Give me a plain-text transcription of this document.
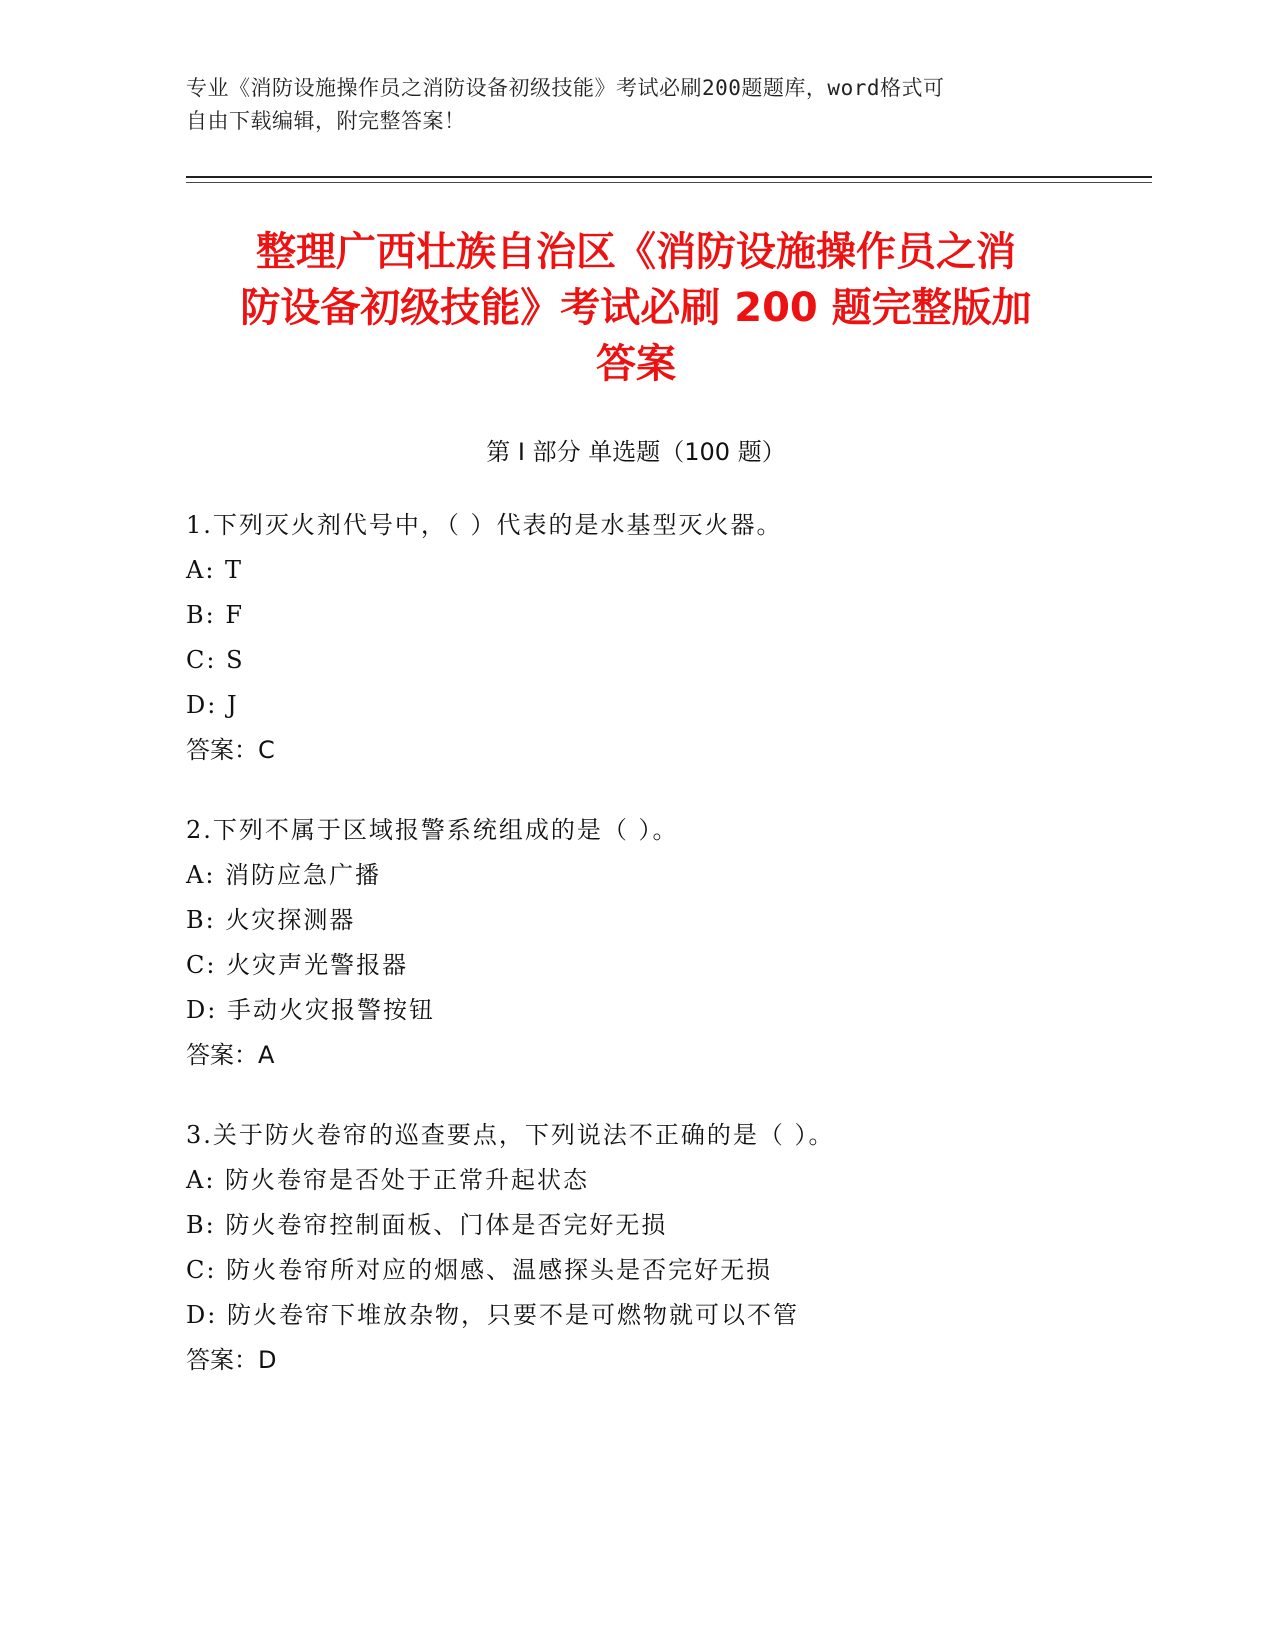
专业《消防设施操作员之消防设备初级技能》考试必刷200题题库，word格式可
自由下载编辑，附完整答案！
整理广西壮族自治区《消防设施操作员之消
防设备初级技能》考试必刷 200 题完整版加
答案
第 I 部分 单选题（100 题）
1.下列灭火剂代号中，（ ）代表的是水基型灭火器。
A: T
B: F
C: S
D: J
答案：C
2.下列不属于区域报警系统组成的是（ ）。
A: 消防应急广播
B: 火灾探测器
C: 火灾声光警报器
D: 手动火灾报警按钮
答案：A
3.关于防火卷帘的巡查要点，下列说法不正确的是（ ）。
A: 防火卷帘是否处于正常升起状态
B: 防火卷帘控制面板、门体是否完好无损
C: 防火卷帘所对应的烟感、温感探头是否完好无损
D: 防火卷帘下堆放杂物，只要不是可燃物就可以不管
答案：D
